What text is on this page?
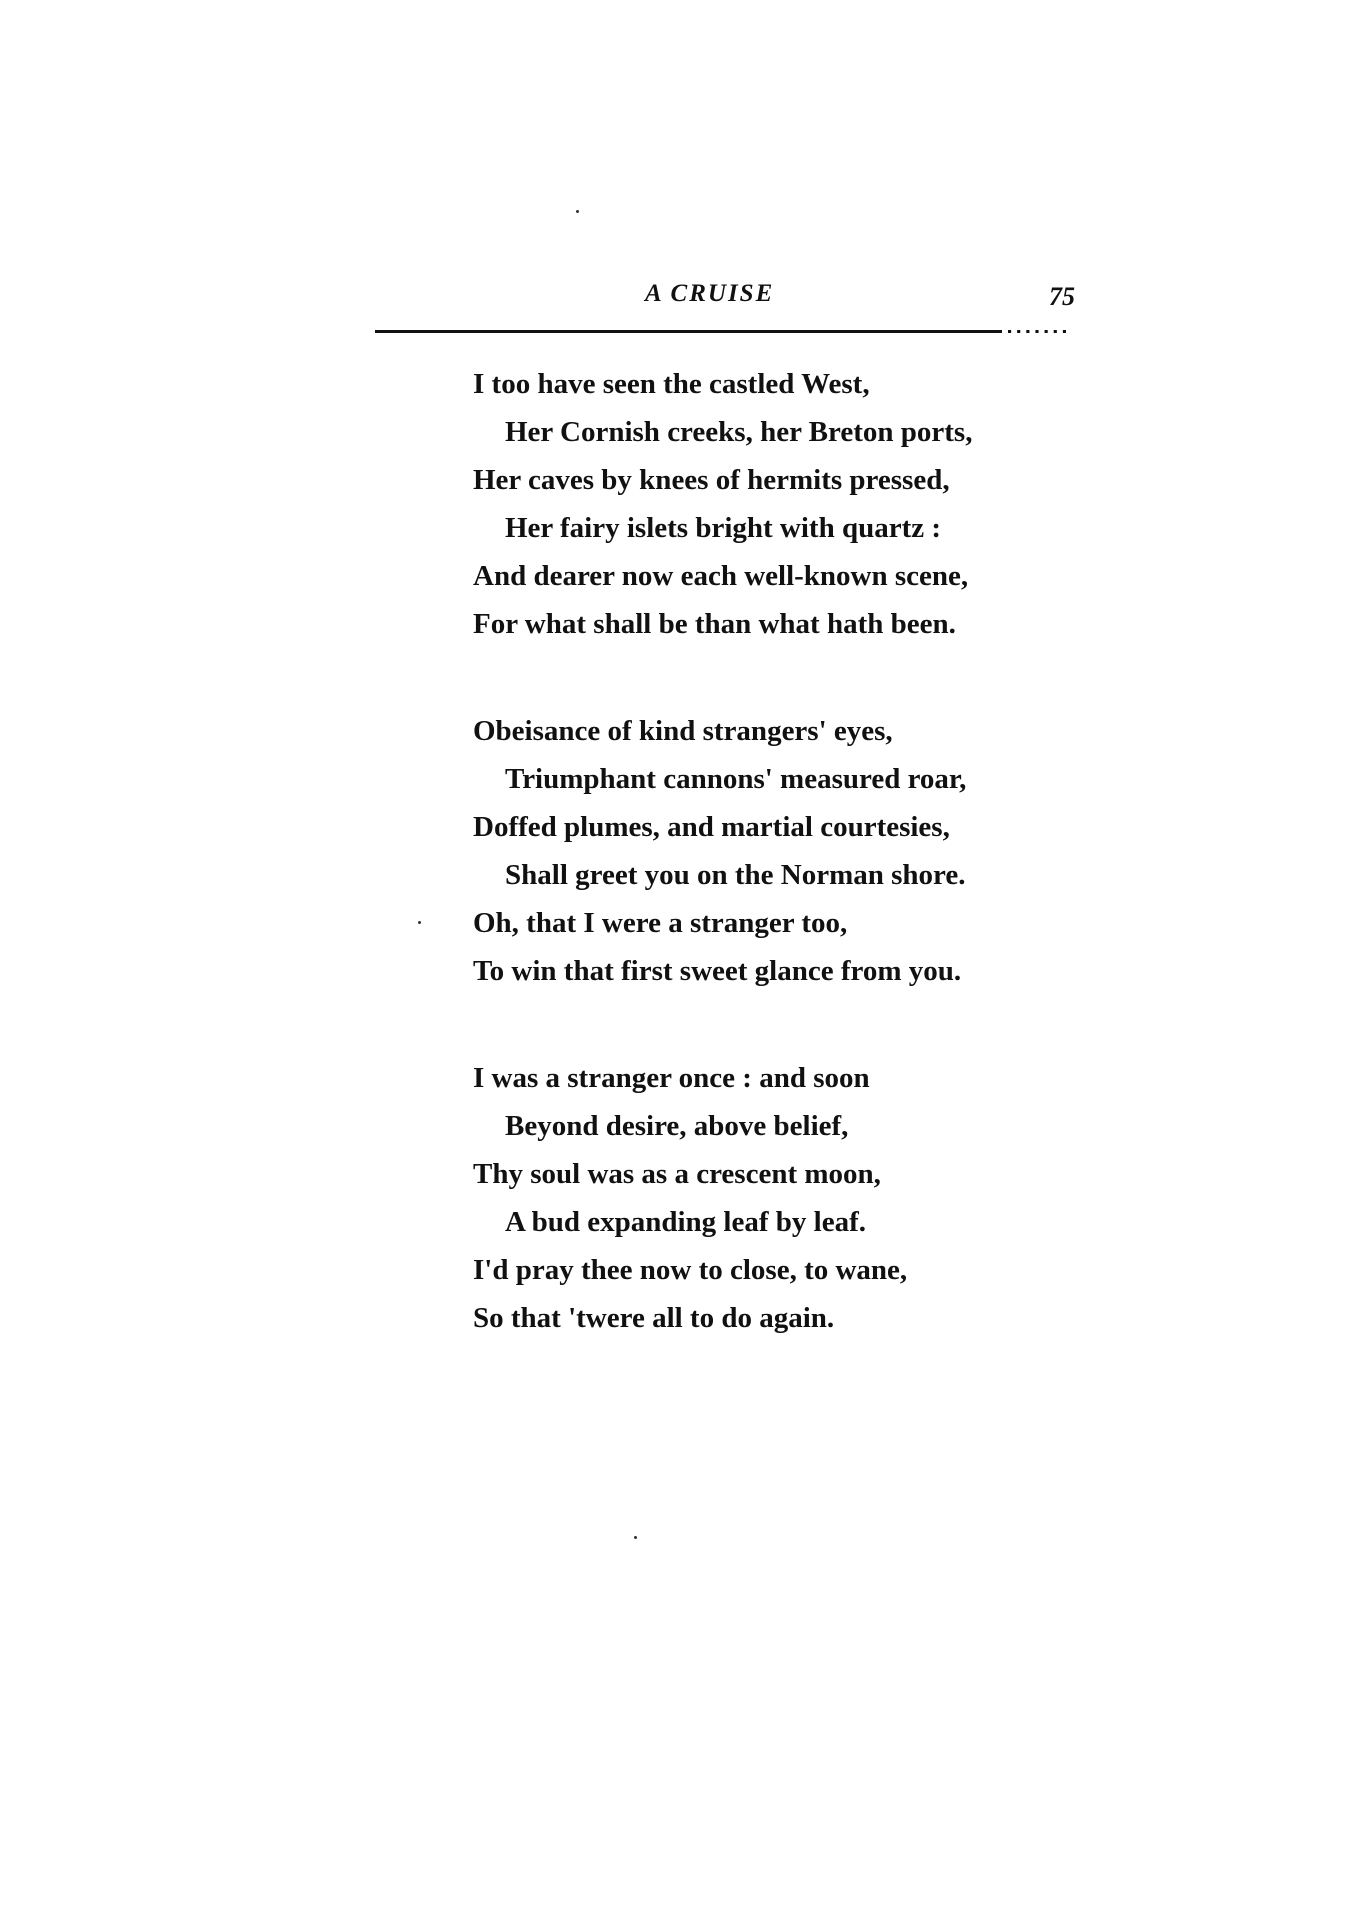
A CRUISE	75
I too have seen the castled West,
Her Cornish creeks, her Breton ports,
Her caves by knees of hermits pressed,
Her fairy islets bright with quartz :
And dearer now each well-known scene,
For what shall be than what hath been.
Obeisance of kind strangers' eyes,
Triumphant cannons' measured roar,
Doffed plumes, and martial courtesies,
Shall greet you on the Norman shore.
Oh, that I were a stranger too,
To win that first sweet glance from you.
I was a stranger once : and soon
Beyond desire, above belief,
Thy soul was as a crescent moon,
A bud expanding leaf by leaf.
I'd pray thee now to close, to wane,
So that 'twere all to do again.
